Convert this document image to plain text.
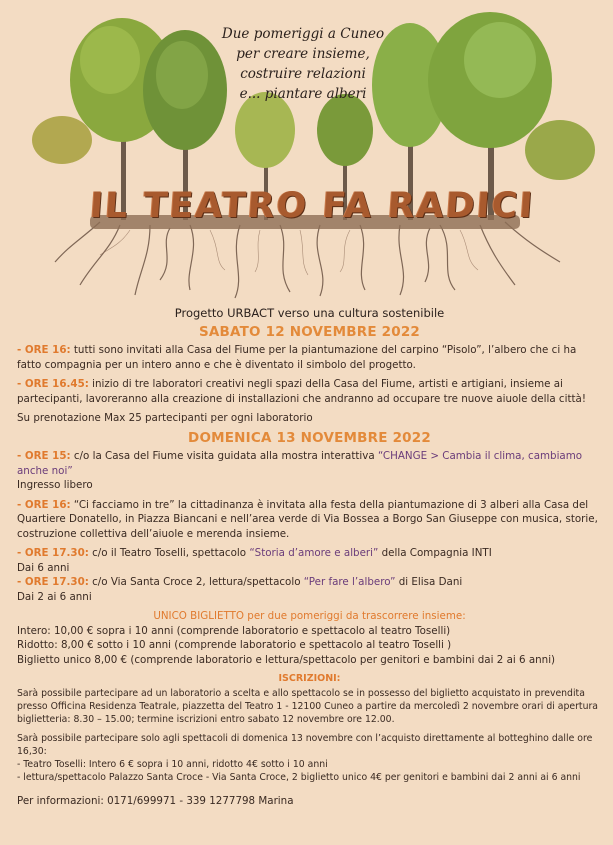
Due pomeriggi a Cuneo
per creare insieme,
costruire relazioni
e... piantare alberi
IL TEATRO FA RADICI
Progetto URBACT verso una cultura sostenibile
SABATO 12 NOVEMBRE 2022

- ORE 16: tutti sono invitati alla Casa del Fiume per la piantumazione del carpino “Pisolo”, l’albero che ci ha fatto compagnia per un intero anno e che è diventato il simbolo del progetto.

- ORE 16.45: inizio di tre laboratori creativi negli spazi della Casa del Fiume, artisti e artigiani, insieme ai partecipanti, lavoreranno alla creazione di installazioni che andranno ad occupare tre nuove aiuole della città!

Su prenotazione Max 25 partecipanti per ogni laboratorio

DOMENICA 13 NOVEMBRE 2022
- ORE 15: c/o la Casa del Fiume visita guidata alla mostra interattiva “CHANGE > Cambia il clima, cambiamo anche noi”

Ingresso libero

- ORE 16: “Ci facciamo in tre” la cittadinanza è invitata alla festa della piantumazione di 3 alberi alla Casa del Quartiere Donatello, in Piazza Biancani e nell’area verde di Via Bossea a Borgo San Giuseppe con musica, storie, costruzione collettiva dell’aiuole e merenda insieme.

- ORE 17.30: c/o il Teatro Toselli, spettacolo “Storia d’amore e alberi” della Compagnia INTI
Dai 6 anni
- ORE 17.30: c/o Via Santa Croce 2, lettura/spettacolo “Per fare l’albero” di Elisa Dani

Dai 2 ai 6 anni

UNICO BIGLIETTO per due pomeriggi da trascorrere insieme:
Intero: 10,00 € sopra i 10 anni (comprende laboratorio e spettacolo al teatro Toselli)
Ridotto: 8,00 € sotto i 10 anni (comprende laboratorio e spettacolo al teatro Toselli )

Biglietto unico 8,00 € (comprende laboratorio e lettura/spettacolo per genitori e bambini dai 2 ai 6 anni)

ISCRIZIONI:
Sarà possibile partecipare ad un laboratorio a scelta e allo spettacolo se in possesso del biglietto acquistato in prevendita presso Officina Residenza Teatrale, piazzetta del Teatro 1 - 12100 Cuneo a partire da mercoledì 2 novembre orari di apertura biglietteria: 8.30 – 15.00; termine iscrizioni entro sabato 12 novembre ore 12.00.
Sarà possibile partecipare solo agli spettacoli di domenica 13 novembre con l’acquisto direttamente al botteghino dalle ore 16,30:
- Teatro Toselli: Intero 6 € sopra i 10 anni, ridotto 4€ sotto i 10 anni
- lettura/spettacolo Palazzo Santa Croce - Via Santa Croce, 2 biglietto unico 4€ per genitori e bambini dai 2 anni ai 6 anni
Per informazioni: 0171/699971 - 339 1277798 Marina
